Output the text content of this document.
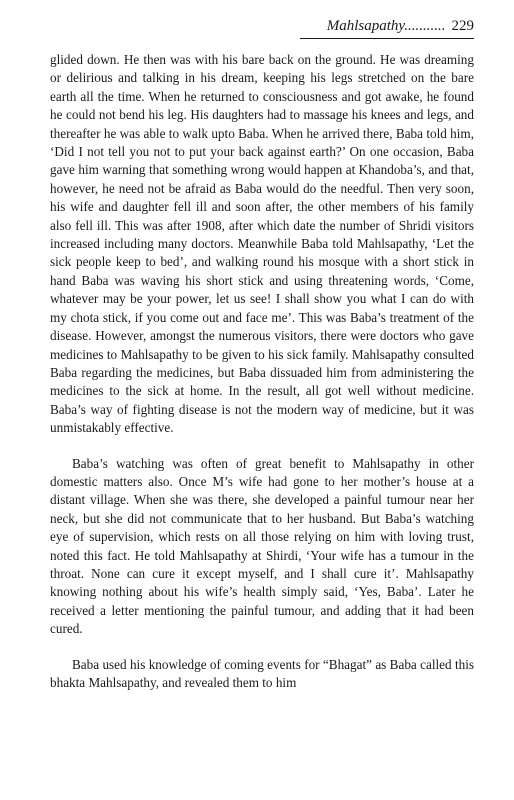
Mahlsapathy........... 229

glided down. He then was with his bare back on the ground. He was dreaming or delirious and talking in his dream, keeping his legs stretched on the bare earth all the time. When he returned to consciousness and got awake, he found he could not bend his leg. His daughters had to massage his knees and legs, and thereafter he was able to walk upto Baba. When he arrived there, Baba told him, ‘Did I not tell you not to put your back against earth?’ On one occasion, Baba gave him warning that something wrong would happen at Khandoba’s, and that, however, he need not be afraid as Baba would do the needful. Then very soon, his wife and daughter fell ill and soon after, the other members of his family also fell ill. This was after 1908, after which date the number of Shridi visitors increased including many doctors. Meanwhile Baba told Mahlsapathy, ‘Let the sick people keep to bed’, and walking round his mosque with a short stick in hand Baba was waving his short stick and using threatening words, ‘Come, whatever may be your power, let us see! I shall show you what I can do with my chota stick, if you come out and face me’. This was Baba’s treatment of the disease. However, amongst the numerous visitors, there were doctors who gave medicines to Mahlsapathy to be given to his sick family. Mahlsapathy consulted Baba regarding the medicines, but Baba dissuaded him from administering the medicines to the sick at home. In the result, all got well without medicine. Baba’s way of fighting disease is not the modern way of medicine, but it was unmistakably effective.

Baba’s watching was often of great benefit to Mahlsapathy in other domestic matters also. Once M’s wife had gone to her mother’s house at a distant village. When she was there, she developed a painful tumour near her neck, but she did not communicate that to her husband. But Baba’s watching eye of supervision, which rests on all those relying on him with loving trust, noted this fact. He told Mahlsapathy at Shirdi, ‘Your wife has a tumour in the throat. None can cure it except myself, and I shall cure it’. Mahlsapathy knowing nothing about his wife’s health simply said, ‘Yes, Baba’. Later he received a letter mentioning the painful tumour, and adding that it had been cured.

Baba used his knowledge of coming events for “Bhagat” as Baba called this bhakta Mahlsapathy, and revealed them to him
